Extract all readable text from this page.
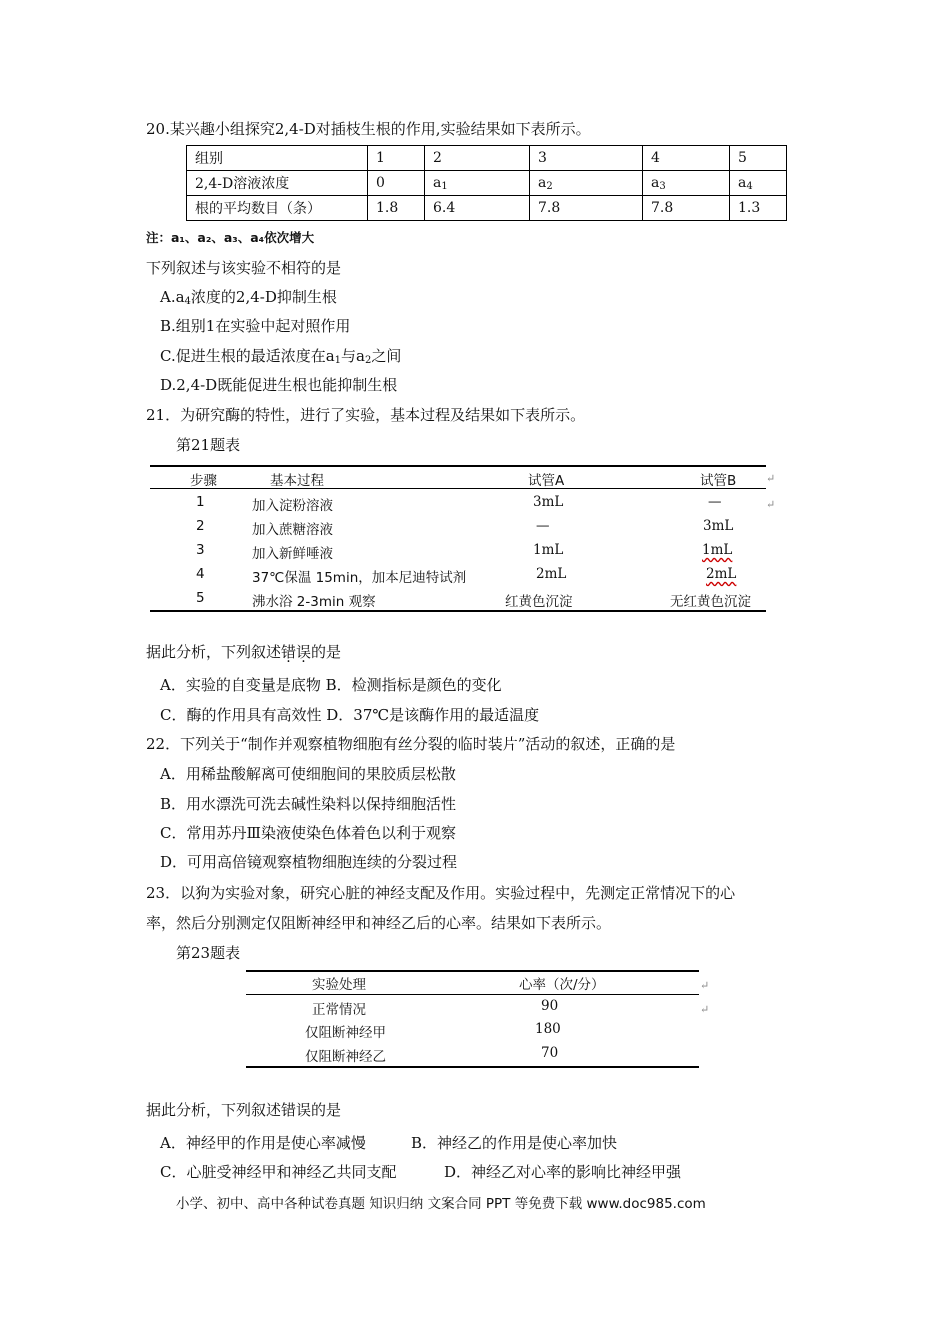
20.某兴趣小组探究2,4-D对插枝生根的作用,实验结果如下表所示。
组别	1	2	3	4	5
2,4-D溶液浓度	0	$a_1$	$a_2$	$a_3$	$a_4$
根的平均数目（条）	1.8	6.4	7.8	7.8	1.3
注：a₁、a₂、a₃、a₄依次增大
下列叙述与该实验不相符的是
$A.a_4$浓度的2,4-D抑制生根
B.组别1在实验中起对照作用
C.促进生根的最适浓度在$a_1$与$a_2$之间
D.2,4-D既能促进生根也能抑制生根
21．为研究酶的特性，进行了实验，基本过程及结果如下表所示。
第21题表
步骤	基本过程	试管A	试管B	↵
↵
1	加入淀粉溶液	3mL	—
2	加入蔗糖溶液	—	3mL
3	加入新鲜唾液	1mL	1mL
4	37℃保温 15min，加本尼迪特试剂	2mL	2mL
5	沸水浴 2-3min 观察	红黄色沉淀	无红黄色沉淀
据此分析，下列叙述错误的是
A．实验的自变量是底物 B．检测指标是颜色的变化
C．酶的作用具有高效性 D．37℃是该酶作用的最适温度
22．下列关于“制作并观察植物细胞有丝分裂的临时装片”活动的叙述，正确的是
A．用稀盐酸解离可使细胞间的果胶质层松散
B．用水漂洗可洗去碱性染料以保持细胞活性
C．常用苏丹Ⅲ染液使染色体着色以利于观察
D．可用高倍镜观察植物细胞连续的分裂过程
23．以狗为实验对象，研究心脏的神经支配及作用。实验过程中，先测定正常情况下的心
率，然后分别测定仅阻断神经甲和神经乙后的心率。结果如下表所示。
第23题表
实验处理	心率（次/分）	↵
↵
正常情况	90
仅阻断神经甲	180
仅阻断神经乙	70
据此分析，下列叙述错误的是
A．神经甲的作用是使心率减慢	B．神经乙的作用是使心率加快
C．心脏受神经甲和神经乙共同支配	D．神经乙对心率的影响比神经甲强
小学、初中、高中各种试卷真题 知识归纳 文案合同 PPT 等免费下载 www.doc985.com
